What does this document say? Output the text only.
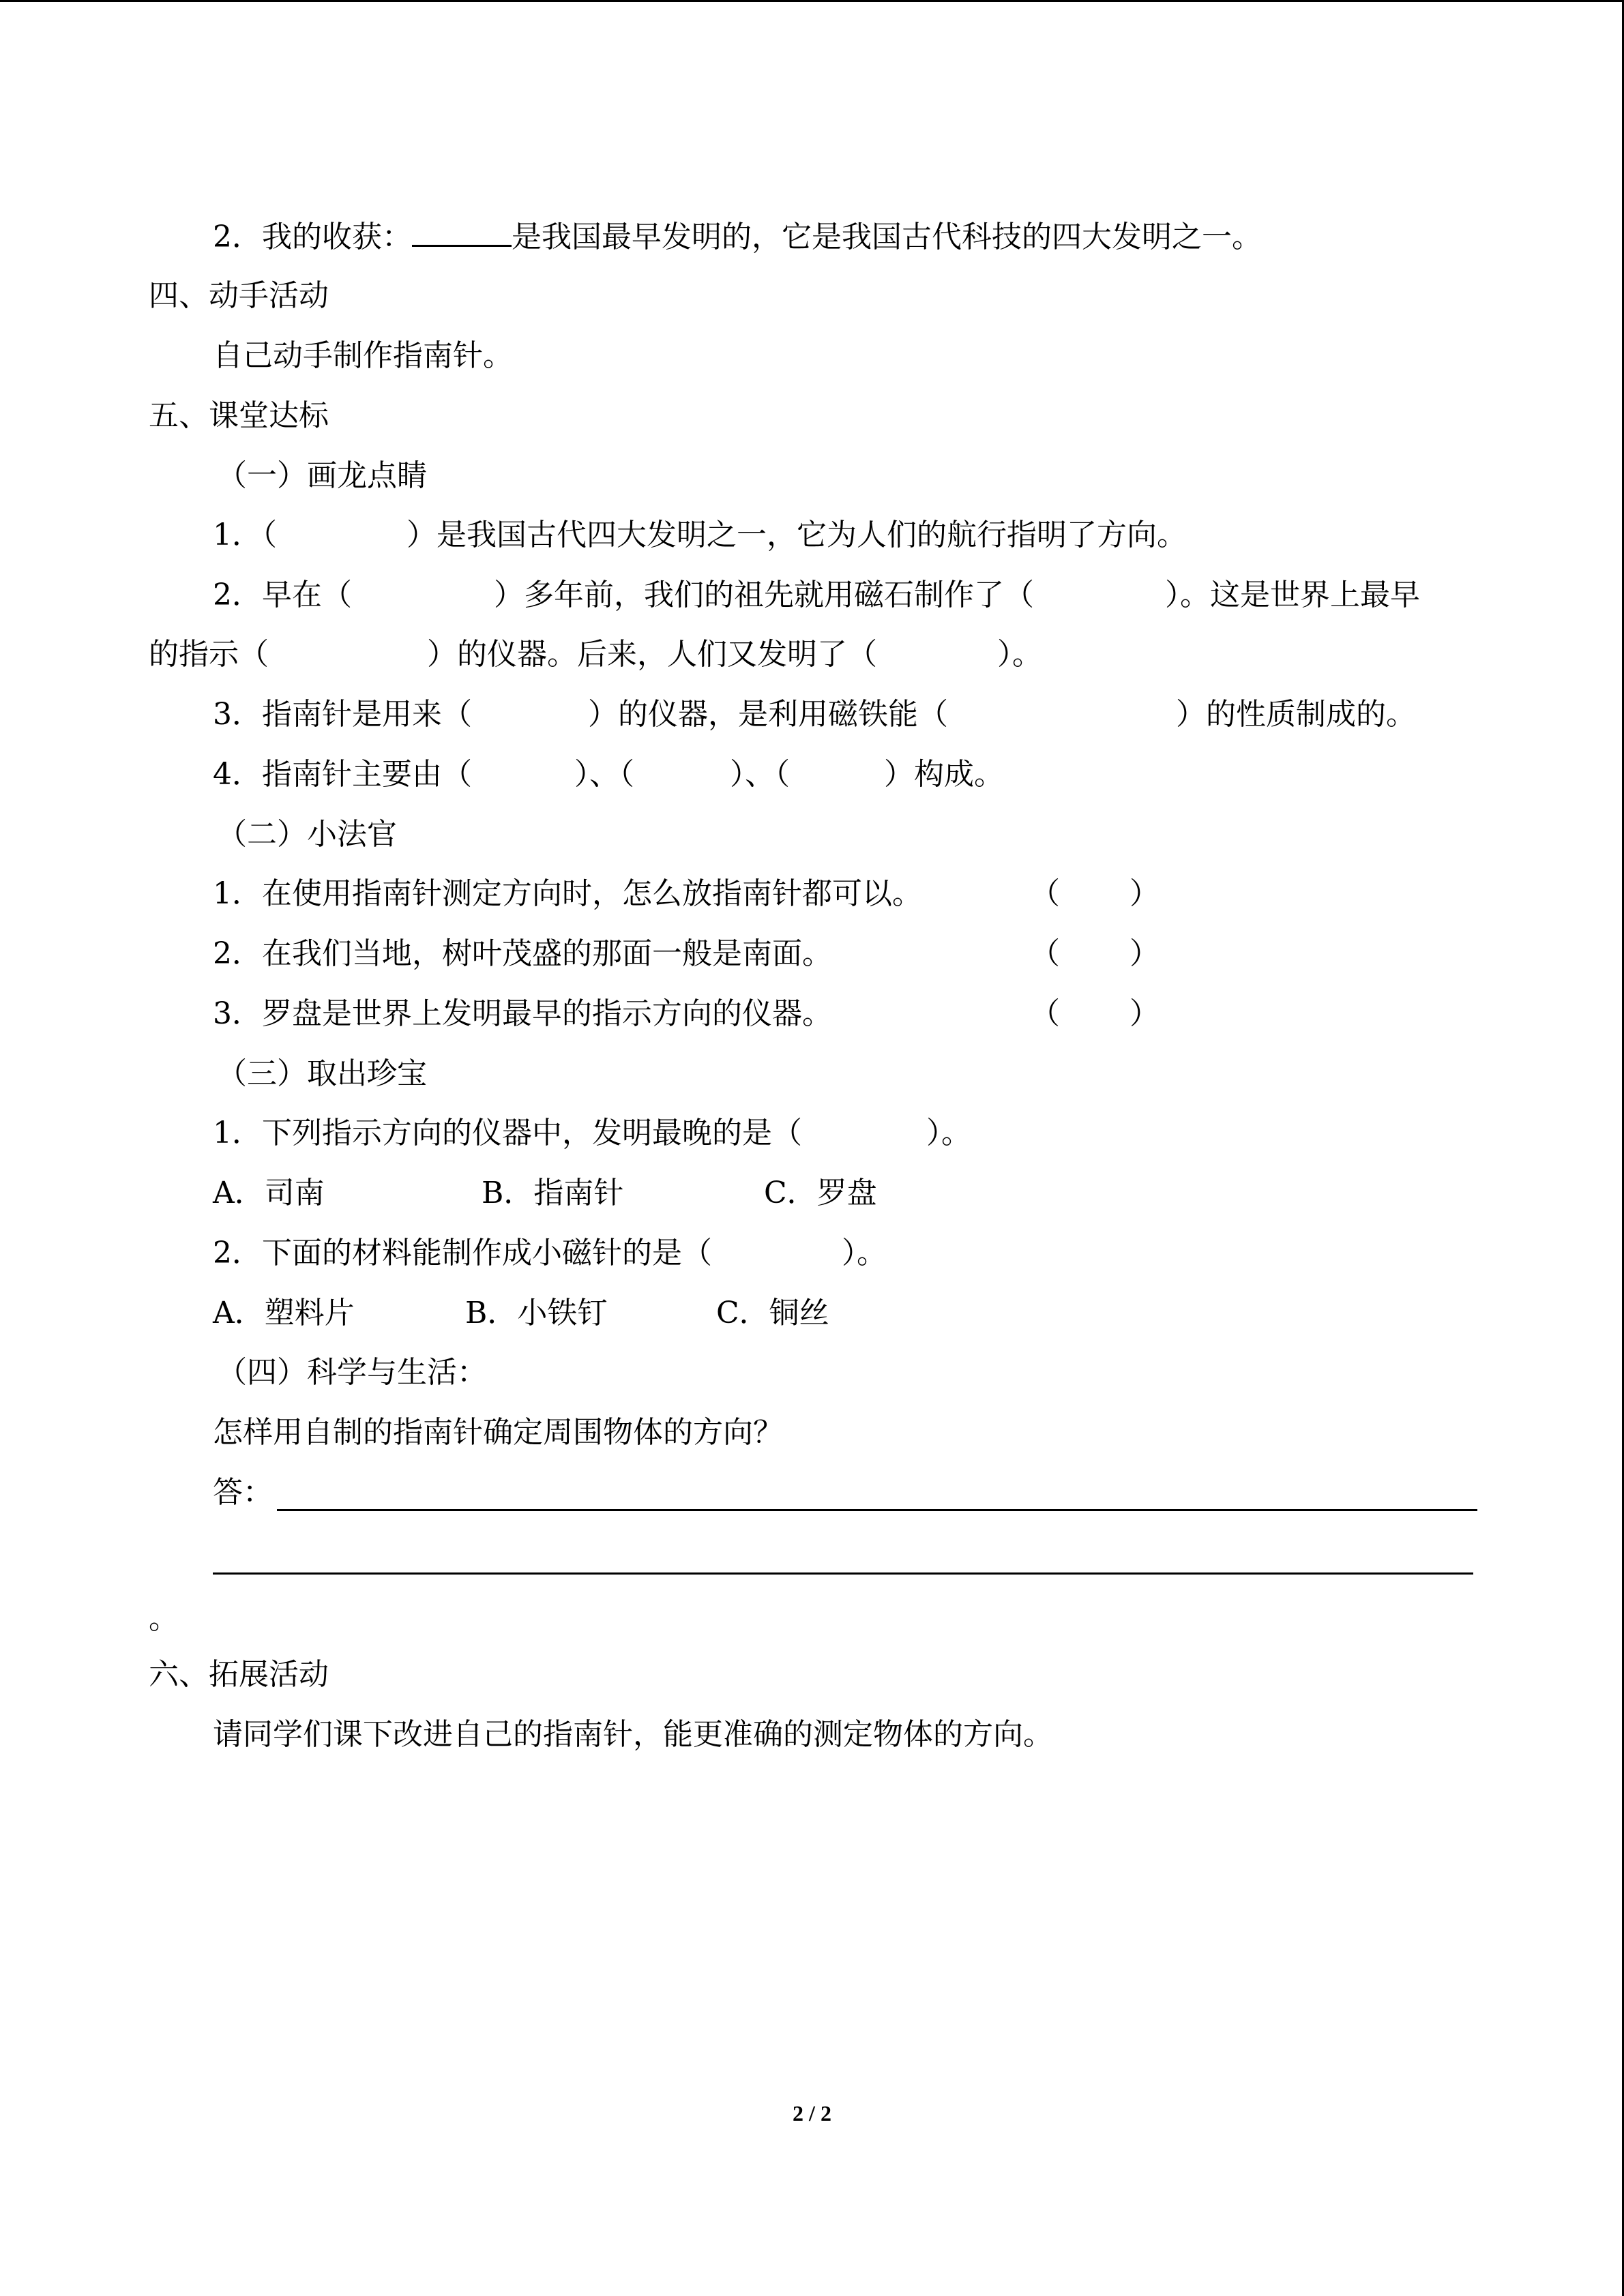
2．我的收获：	是我国最早发明的，它是我国古代科技的四大发明之一。
四、动手活动
自己动手制作指南针。
五、课堂达标
（一）画龙点睛
1．（	）是我国古代四大发明之一，它为人们的航行指明了方向。
2．早在（	）多年前，我们的祖先就用磁石制作了（	）。这是世界上最早
的指示（	）的仪器。后来，人们又发明了（	）。
3．指南针是用来（	）的仪器，是利用磁铁能（	）的性质制成的。
4．指南针主要由（	）、（	）、（	）构成。
（二）小法官
1．在使用指南针测定方向时，怎么放指南针都可以。	（ ）
2．在我们当地，树叶茂盛的那面一般是南面。	（ ）
3．罗盘是世界上发明最早的指示方向的仪器。	（ ）
（三）取出珍宝
1．下列指示方向的仪器中，发明最晚的是（	）。
A．司南	B．指南针	C．罗盘
2．下面的材料能制作成小磁针的是（	）。
A．塑料片	B．小铁钉	C．铜丝
（四）科学与生活：
怎样用自制的指南针确定周围物体的方向？
答：
。
六、拓展活动
请同学们课下改进自己的指南针，能更准确的测定物体的方向。
2 / 2
